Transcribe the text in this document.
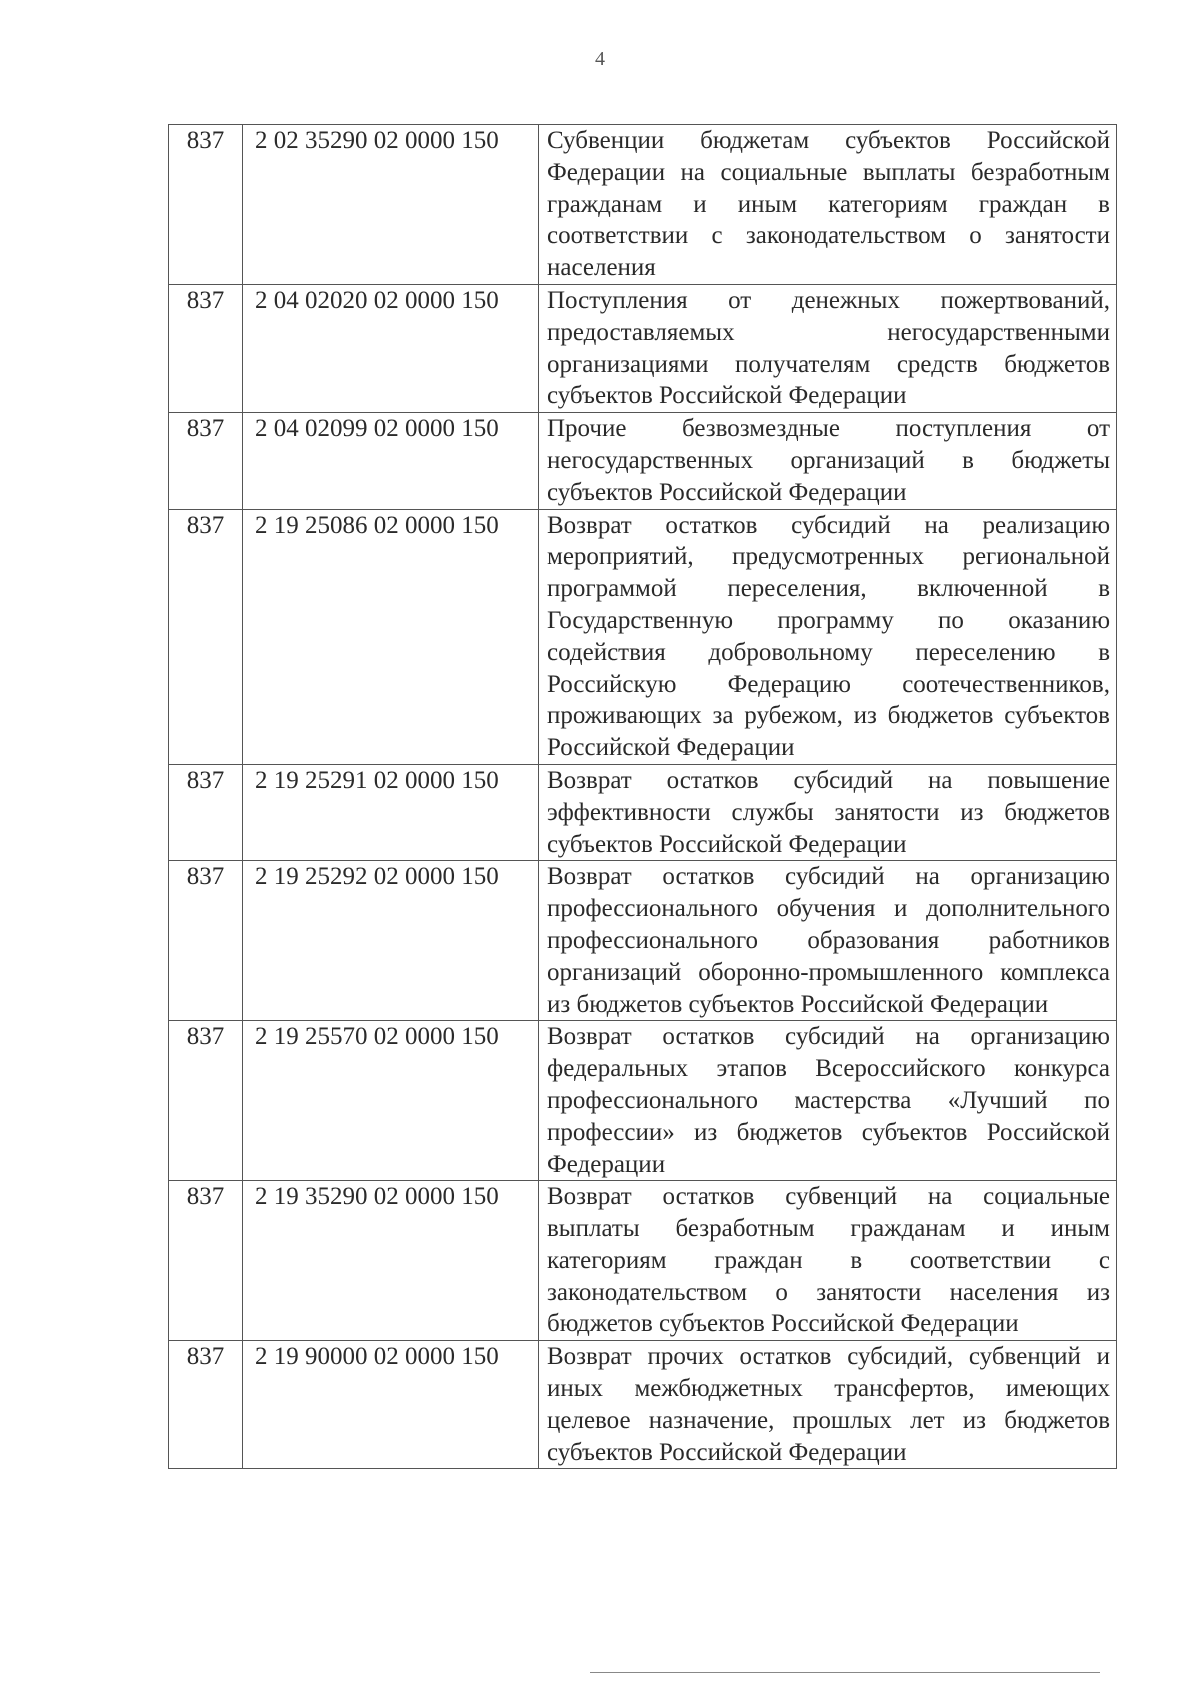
4
837	2 02 35290 02 0000 150	Субвенции бюджетам субъектов Российской Федерации на социальные выплаты безработным гражданам и иным категориям граждан в соответствии с законодательством о занятости населения
837	2 04 02020 02 0000 150	Поступления от денежных пожертвований, предоставляемых негосударственными организациями получателям средств бюджетов субъектов Российской Федерации
837	2 04 02099 02 0000 150	Прочие безвозмездные поступления от негосударственных организаций в бюджеты субъектов Российской Федерации
837	2 19 25086 02 0000 150	Возврат остатков субсидий на реализацию мероприятий, предусмотренных региональной программой переселения, включенной в Государственную программу по оказанию содействия добровольному переселению в Российскую Федерацию соотечественников, проживающих за рубежом, из бюджетов субъектов Российской Федерации
837	2 19 25291 02 0000 150	Возврат остатков субсидий на повышение эффективности службы занятости из бюджетов субъектов Российской Федерации
837	2 19 25292 02 0000 150	Возврат остатков субсидий на организацию профессионального обучения и дополнительного профессионального образования работников организаций оборонно-промышленного комплекса из бюджетов субъектов Российской Федерации
837	2 19 25570 02 0000 150	Возврат остатков субсидий на организацию федеральных этапов Всероссийского конкурса профессионального мастерства «Лучший по профессии» из бюджетов субъектов Российской Федерации
837	2 19 35290 02 0000 150	Возврат остатков субвенций на социальные выплаты безработным гражданам и иным категориям граждан в соответствии с законодательством о занятости населения из бюджетов субъектов Российской Федерации
837	2 19 90000 02 0000 150	Возврат прочих остатков субсидий, субвенций и иных межбюджетных трансфертов, имеющих целевое назначение, прошлых лет из бюджетов субъектов Российской Федерации
